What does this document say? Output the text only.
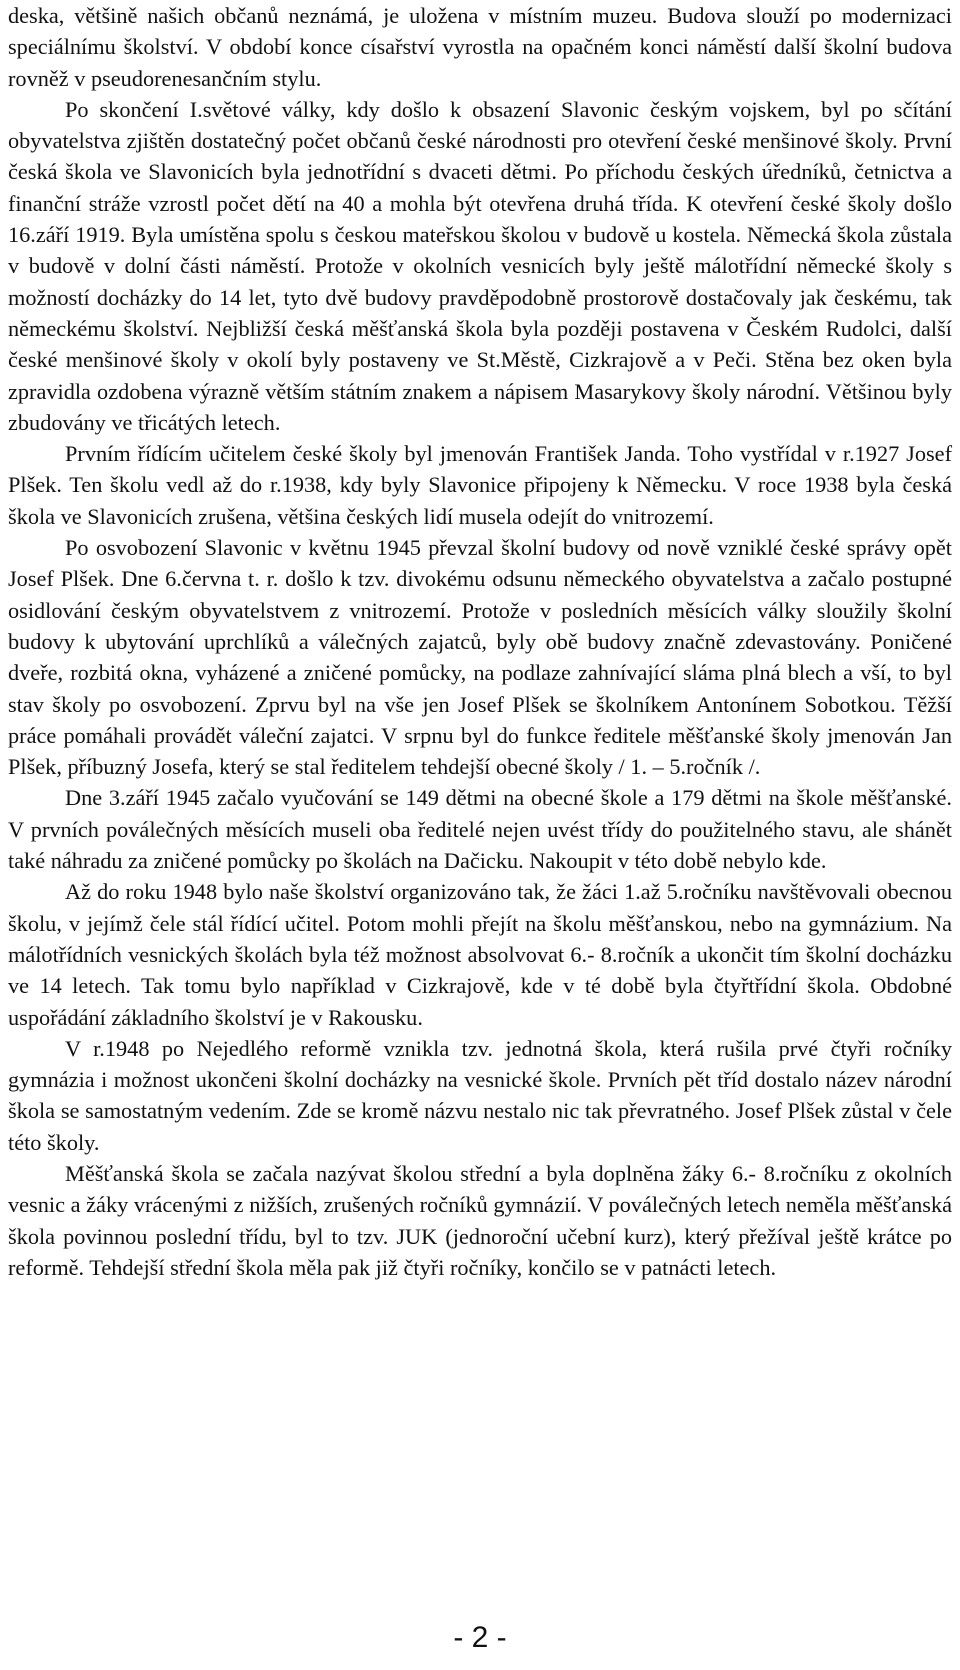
deska, většině našich občanů neznámá, je uložena v místním muzeu. Budova slouží po modernizaci speciálnímu školství. V období konce císařství vyrostla na opačném konci náměstí další školní budova rovněž v pseudorenesančním stylu.

Po skončení I.světové války, kdy došlo k obsazení Slavonic českým vojskem, byl po sčítání obyvatelstva zjištěn dostatečný počet občanů české národnosti pro otevření české menšinové školy. První česká škola ve Slavonicích byla jednotřídní s dvaceti dětmi. Po příchodu českých úředníků, četnictva a finanční stráže vzrostl počet dětí na 40 a mohla být otevřena druhá třída. K otevření české školy došlo 16.září 1919. Byla umístěna spolu s českou mateřskou školou v budově u kostela. Německá škola zůstala v budově v dolní části náměstí. Protože v okolních vesnicích byly ještě málotřídní německé školy s možností docházky do 14 let, tyto dvě budovy pravděpodobně prostorově dostačovaly jak českému, tak německému školství. Nejbližší česká měšťanská škola byla později postavena v Českém Rudolci, další české menšinové školy v okolí byly postaveny ve St.Městě, Cizkrajově a v Peči. Stěna bez oken byla zpravidla ozdobena výrazně větším státním znakem a nápisem Masarykovy školy národní. Většinou byly zbudovány ve třicátých letech.

Prvním řídícím učitelem české školy byl jmenován František Janda. Toho vystřídal v r.1927 Josef Plšek. Ten školu vedl až do r.1938, kdy byly Slavonice připojeny k Německu. V roce 1938 byla česká škola ve Slavonicích zrušena, většina českých lidí musela odejít do vnitrozemí.

Po osvobození Slavonic v květnu 1945 převzal školní budovy od nově vzniklé české správy opět Josef Plšek. Dne 6.června t. r. došlo k tzv. divokému odsunu německého obyvatelstva a začalo postupné osidlování českým obyvatelstvem z vnitrozemí. Protože v posledních měsících války sloužily školní budovy k ubytování uprchlíků a válečných zajatců, byly obě budovy značně zdevastovány. Poničené dveře, rozbitá okna, vyházené a zničené pomůcky, na podlaze zahnívající sláma plná blech a vší, to byl stav školy po osvobození. Zprvu byl na vše jen Josef Plšek se školníkem Antonínem Sobotkou. Těžší práce pomáhali provádět váleční zajatci. V srpnu byl do funkce ředitele měšťanské školy jmenován Jan Plšek, příbuzný Josefa, který se stal ředitelem tehdejší obecné školy / 1. – 5.ročník /.

Dne 3.září 1945 začalo vyučování se 149 dětmi na obecné škole a 179 dětmi na škole měšťanské. V prvních poválečných měsících museli oba ředitelé nejen uvést třídy do použitelného stavu, ale shánět také náhradu za zničené pomůcky po školách na Dačicku. Nakoupit v této době nebylo kde.

Až do roku 1948 bylo naše školství organizováno tak, že žáci 1.až 5.ročníku navštěvovali obecnou školu, v jejímž čele stál řídící učitel. Potom mohli přejít na školu měšťanskou, nebo na gymnázium. Na málotřídních vesnických školách byla též možnost absolvovat 6.- 8.ročník a ukončit tím školní docházku ve 14 letech. Tak tomu bylo například v Cizkrajově, kde v té době byla čtyřtřídní škola. Obdobné uspořádání základního školství je v Rakousku.

V r.1948 po Nejedlého reformě vznikla tzv. jednotná škola, která rušila prvé čtyři ročníky gymnázia i možnost ukončeni školní docházky na vesnické škole. Prvních pět tříd dostalo název národní škola se samostatným vedením. Zde se kromě názvu nestalo nic tak převratného. Josef Plšek zůstal v čele této školy.

Měšťanská škola se začala nazývat školou střední a byla doplněna žáky 6.- 8.ročníku z okolních vesnic a žáky vrácenými z nižších, zrušených ročníků gymnázií. V poválečných letech neměla měšťanská škola povinnou poslední třídu, byl to tzv. JUK (jednoroční učební kurz), který přežíval ještě krátce po reformě. Tehdejší střední škola měla pak již čtyři ročníky, končilo se v patnácti letech.

- 2 -
